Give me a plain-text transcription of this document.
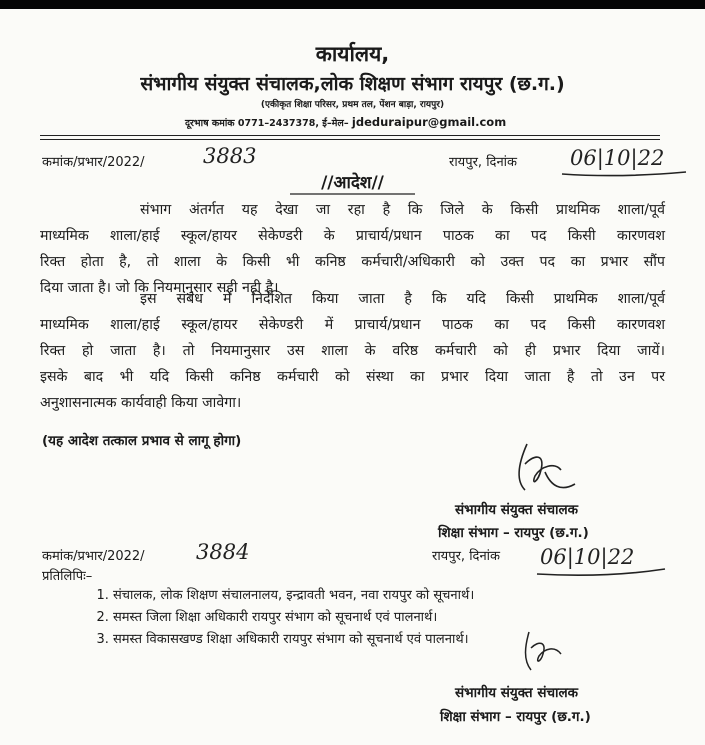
कार्यालय,
संभागीय संयुक्त संचालक,लोक शिक्षण संभाग रायपुर (छ.ग.)
(एकीकृत शिक्षा परिसर, प्रथम तल, पेंशन बाड़ा, रायपुर)
दूरभाष कमांक 0771–2437378, ई–मेल– jdeduraipur@gmail.com
कमांक/प्रभार/2022/	3883	रायपुर, दिनांक	06|10|22
//आदेश//
संभाग अंतर्गत यह देखा जा रहा है कि जिले के किसी प्राथमिक शाला/पूर्व
माध्यमिक शाला/हाई स्कूल/हायर सेकेण्डरी के प्राचार्य/प्रधान पाठक का पद किसी कारणवश
रिक्त होता है, तो शाला के किसी भी कनिष्ठ कर्मचारी/अधिकारी को उक्त पद का प्रभार सौंप
दिया जाता है। जो कि नियमानुसार सही नही है।
इस संबंध में निर्देशित किया जाता है कि यदि किसी प्राथमिक शाला/पूर्व
माध्यमिक शाला/हाई स्कूल/हायर सेकेण्डरी में प्राचार्य/प्रधान पाठक का पद किसी कारणवश
रिक्त हो जाता है। तो नियमानुसार उस शाला के वरिष्ठ कर्मचारी को ही प्रभार दिया जायें।
इसके बाद भी यदि किसी कनिष्ठ कर्मचारी को संस्था का प्रभार दिया जाता है तो उन पर
अनुशासनात्मक कार्यवाही किया जावेगा।
(यह आदेश तत्काल प्रभाव से लागू होगा)
संभागीय संयुक्त संचालक
शिक्षा संभाग – रायपुर (छ.ग.)
कमांक/प्रभार/2022/ 3884	रायपुर, दिनांक 06|10|22
प्रतिलिपिः–
1. संचालक, लोक शिक्षण संचालनालय, इन्द्रावती भवन, नवा रायपुर को सूचनार्थ।
2. समस्त जिला शिक्षा अधिकारी रायपुर संभाग को सूचनार्थ एवं पालनार्थ।
3. समस्त विकासखण्ड शिक्षा अधिकारी रायपुर संभाग को सूचनार्थ एवं पालनार्थ।
संभागीय संयुक्त संचालक
शिक्षा संभाग – रायपुर (छ.ग.)
